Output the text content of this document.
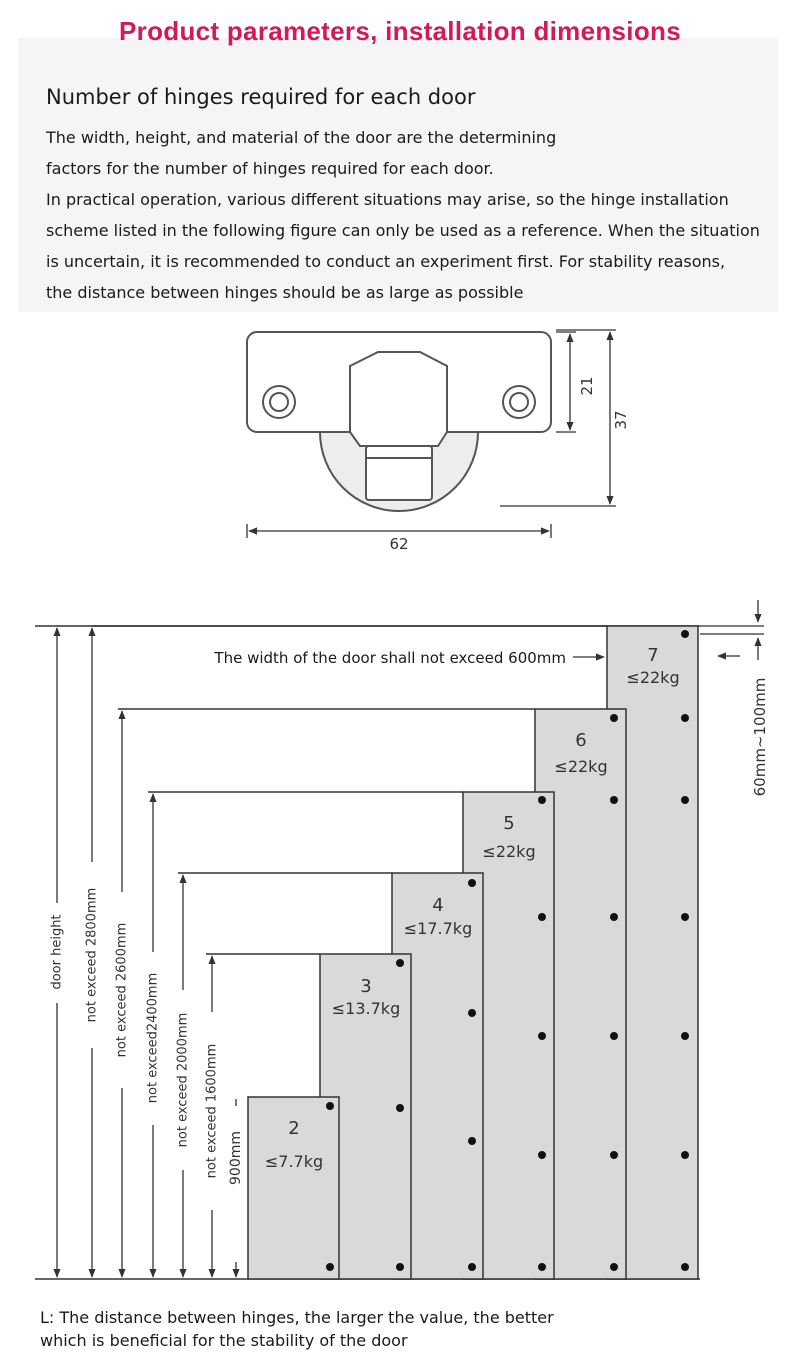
Product parameters, installation dimensions
Number of hinges required for each door
The width, height, and material of the door are the determining
factors for the number of hinges required for each door.
In practical operation, various different situations may arise, so the hinge installation
scheme listed in the following figure can only be used as a reference. When the situation
is uncertain, it is recommended to conduct an experiment first. For stability reasons,
the distance between hinges should be as large as possible
21
37
62
door height not exceed 2800mm not exceed 2600mm not exceed2400mm not exceed 2000mm not exceed 1600mm 900mm
The width of the door shall not exceed 600mm
60mm~100mm
7
≤22kg
6
≤22kg
5
≤22kg
4
≤17.7kg
3
≤13.7kg
2
≤7.7kg
L: The distance between hinges, the larger the value, the better
which is beneficial for the stability of the door
